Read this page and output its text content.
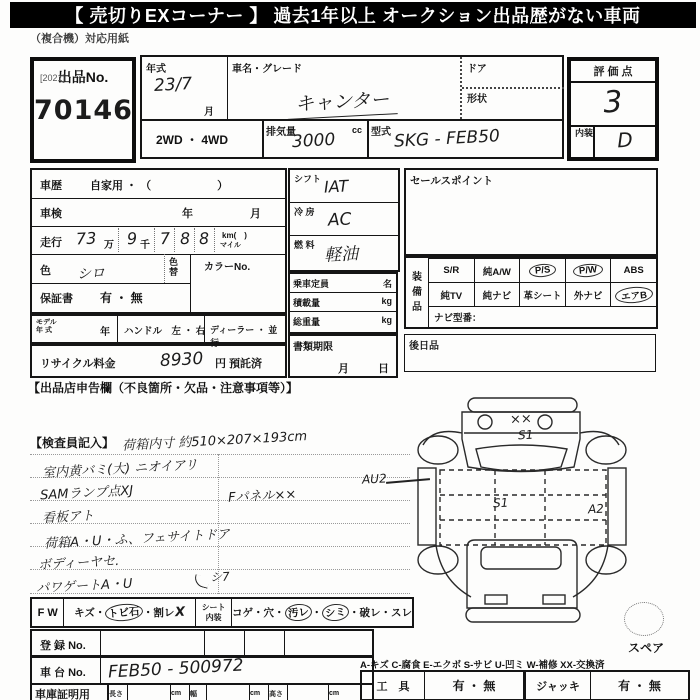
【 売切りEXコーナー 】 過去1年以上 オークション出品歴がない車両
（複合機）対応用紙
[2021]
出品No.
70146
年式
23/7
月
車名・グレード
キャンター
ドア
形状
2WD ・ 4WD
排気量
3000 cc 型式 SKG - FEB50
評 価 点
3
内装	D
車歴	自家用 ・ （　　　　　　）
車検	年	月
走行 73 万 9 千 7 8 8 km(　)
マイル
色 シロ
色替	カラーNo.
保証書 有 ・ 無
シフト IAT
冷 房 AC
燃 料 軽油
乗車定員	名
積載量	kg
総重量	kg
書類期限
月	日
セールスポイント
装
備
品
S/R	純A/W	P/S	P/W	ABS
純TV	純ナビ	革シート	外ナビ	エアB
ナビ型番：
後日品
モデル
年 式	年 ハンドル　左 ・ 右 ディーラー ・ 並行
リサイクル料金	8930 円 預託済
【出品店申告欄（不良箇所・欠品・注意事項等）】
【検査員記入】 荷箱内寸 約510×207×193cm
室内黄バミ(大) ニオイアリ
SAMランプ点XJ	Fパネル××
看板アト
荷箱A・U・ふ、フェサイトドア
ボディーヤセ.
パワゲートA・U	シ7
F W	キズ・ トビ石 ・割レ X シート
内装 コゲ・穴・ 汚レ ・ シミ ・破レ・スレ
登 録 No.
車 台 No. FEB50 - 500972
車庫証明用	長さ	cm	幅	cm	高さ	cm
A-キズ C-腐食 E-エクボ S-サビ U-凹ミ W-補修 XX-交換済
工　具	有 ・ 無	ジャッキ	有 ・ 無
スペア
××
S1
AU2
S1	A2
